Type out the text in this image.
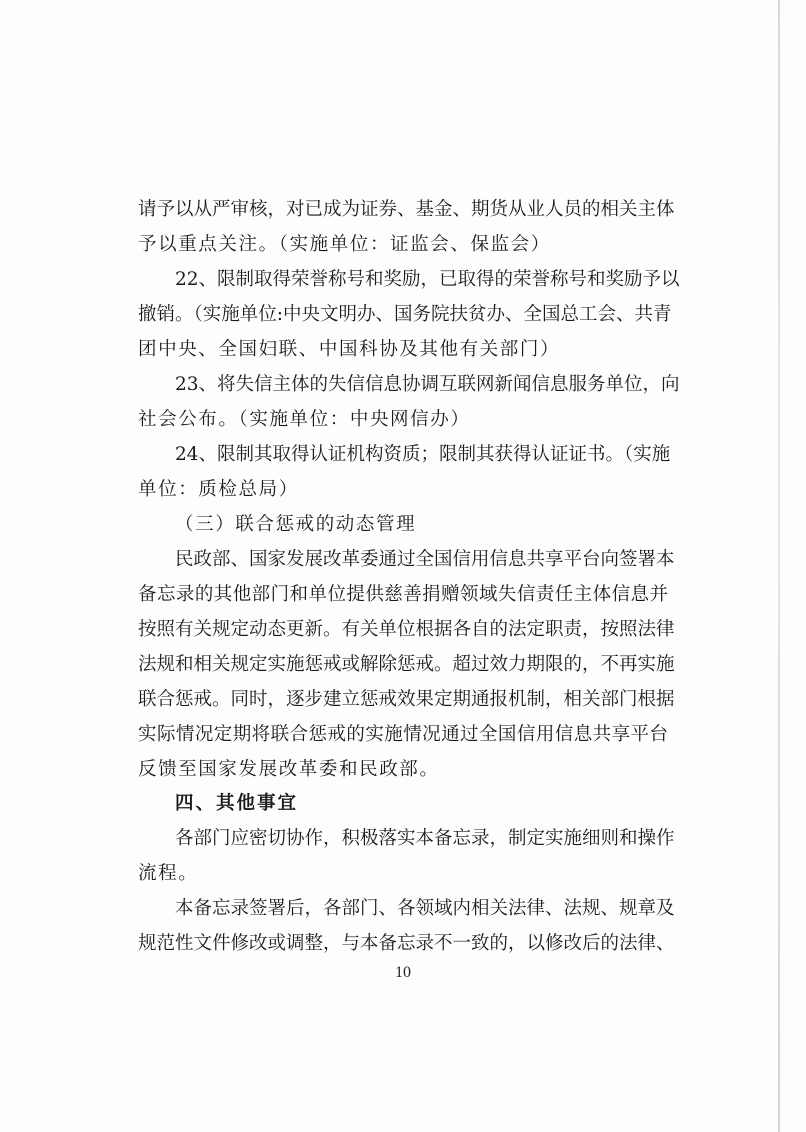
请予以从严审核，对已成为证券、基金、期货从业人员的相关主体
予以重点关注。（实施单位：证监会、保监会）
22、限制取得荣誉称号和奖励，已取得的荣誉称号和奖励予以
撤销。（实施单位:中央文明办、国务院扶贫办、全国总工会、共青
团中央、全国妇联、中国科协及其他有关部门）
23、将失信主体的失信信息协调互联网新闻信息服务单位，向
社会公布。（实施单位：中央网信办）
24、限制其取得认证机构资质；限制其获得认证证书。（实施
单位：质检总局）
（三）联合惩戒的动态管理
民政部、国家发展改革委通过全国信用信息共享平台向签署本
备忘录的其他部门和单位提供慈善捐赠领域失信责任主体信息并
按照有关规定动态更新。有关单位根据各自的法定职责，按照法律
法规和相关规定实施惩戒或解除惩戒。超过效力期限的，不再实施
联合惩戒。同时，逐步建立惩戒效果定期通报机制，相关部门根据
实际情况定期将联合惩戒的实施情况通过全国信用信息共享平台
反馈至国家发展改革委和民政部。
四、其他事宜
各部门应密切协作，积极落实本备忘录，制定实施细则和操作
流程。
本备忘录签署后，各部门、各领域内相关法律、法规、规章及
规范性文件修改或调整，与本备忘录不一致的，以修改后的法律、
10
